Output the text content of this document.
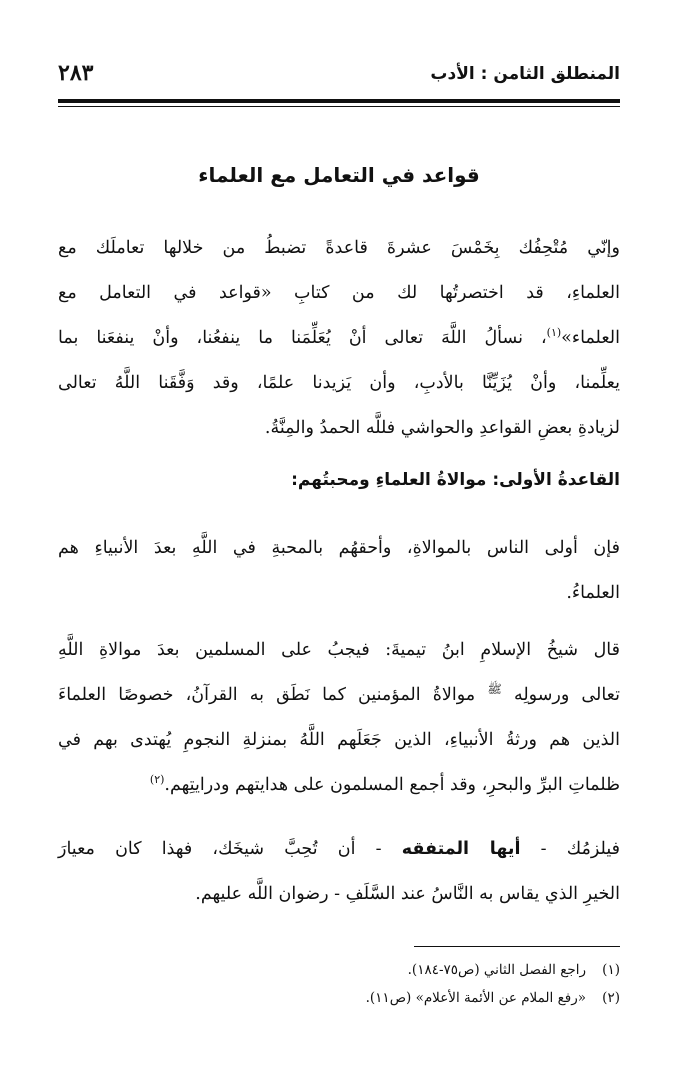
المنطلق الثامن : الأدب
٢٨٣
قواعد في التعامل مع العلماء
وإنّي مُتْحِفُك بِخَمْسَ عشرةَ قاعدةً تضبطُ من خلالها تعاملَك مع
العلماءِ، قد اختصرتُها لك من كتابِ «قواعد في التعامل مع
العلماء»$^{(١)}$، نسألُ اللَّهَ تعالى أنْ يُعَلِّمَنا ما ينفعُنا، وأنْ ينفعَنا بما
يعلِّمنا، وأنْ يُزَيِّنَّا بالأدبِ، وأن يَزيدنا علمًا، وقد وَفَّقَنا اللَّهُ تعالى
لزيادةِ بعضِ القواعدِ والحواشي فللَّه الحمدُ والمِنَّةُ.
القاعدةُ الأولى: موالاةُ العلماءِ ومحبتُهم:
فإن أولى الناس بالموالاةِ، وأحقهُم بالمحبةِ في اللَّهِ بعدَ الأنبياءِ هم
العلماءُ.
قال شيخُ الإسلامِ ابنُ تيميةَ: فيجبُ على المسلمين بعدَ موالاةِ اللَّهِ
تعالى ورسولِه $^ﷺ$ موالاةُ المؤمنين كما نَطَق به القرآنُ، خصوصًا العلماءَ
الذين هم ورثةُ الأنبياءِ، الذين جَعَلَهم اللَّهُ بمنزلةِ النجومِ يُهتدى بهم في
ظلماتِ البرِّ والبحرِ، وقد أجمع المسلمون على هدايتهم ودرايتِهم.$^{(٢)}$
فيلزمُك - أيها المتفقه - أن تُحِبَّ شيخَك، فهذا كان معيارَ
الخيرِ الذي يقاس به النَّاسُ عند السَّلَفِ - رضوان اللَّه عليهم.
(١)راجع الفصل الثاني (ص٧٥-١٨٤).
(٢)«رفع الملام عن الأئمة الأعلام» (ص١١).
